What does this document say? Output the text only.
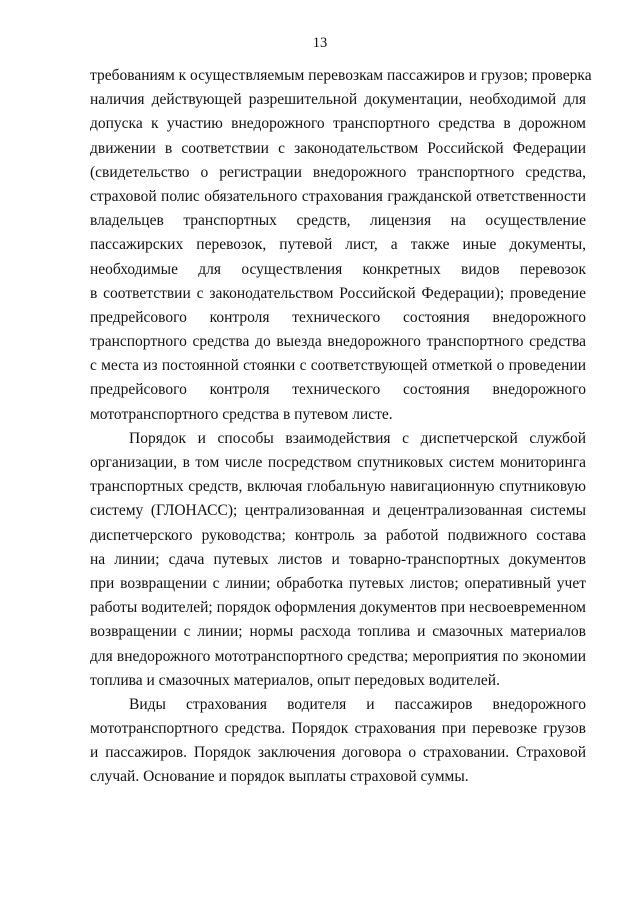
13
требованиям к осуществляемым перевозкам пассажиров и грузов; проверка
наличия действующей разрешительной документации, необходимой для
допуска к участию внедорожного транспортного средства в дорожном
движении в соответствии с законодательством Российской Федерации
(свидетельство о регистрации внедорожного транспортного средства,
страховой полис обязательного страхования гражданской ответственности
владельцев транспортных средств, лицензия на осуществление
пассажирских перевозок, путевой лист, а также иные документы,
необходимые для осуществления конкретных видов перевозок
в соответствии с законодательством Российской Федерации); проведение
предрейсового контроля технического состояния внедорожного
транспортного средства до выезда внедорожного транспортного средства
с места из постоянной стоянки с соответствующей отметкой о проведении
предрейсового контроля технического состояния внедорожного
мототранспортного средства в путевом листе.
Порядок и способы взаимодействия с диспетчерской службой
организации, в том числе посредством спутниковых систем мониторинга
транспортных средств, включая глобальную навигационную спутниковую
систему (ГЛОНАСС); централизованная и децентрализованная системы
диспетчерского руководства; контроль за работой подвижного состава
на линии; сдача путевых листов и товарно-транспортных документов
при возвращении с линии; обработка путевых листов; оперативный учет
работы водителей; порядок оформления документов при несвоевременном
возвращении с линии; нормы расхода топлива и смазочных материалов
для внедорожного мототранспортного средства; мероприятия по экономии
топлива и смазочных материалов, опыт передовых водителей.
Виды страхования водителя и пассажиров внедорожного
мототранспортного средства. Порядок страхования при перевозке грузов
и пассажиров. Порядок заключения договора о страховании. Страховой
случай. Основание и порядок выплаты страховой суммы.
